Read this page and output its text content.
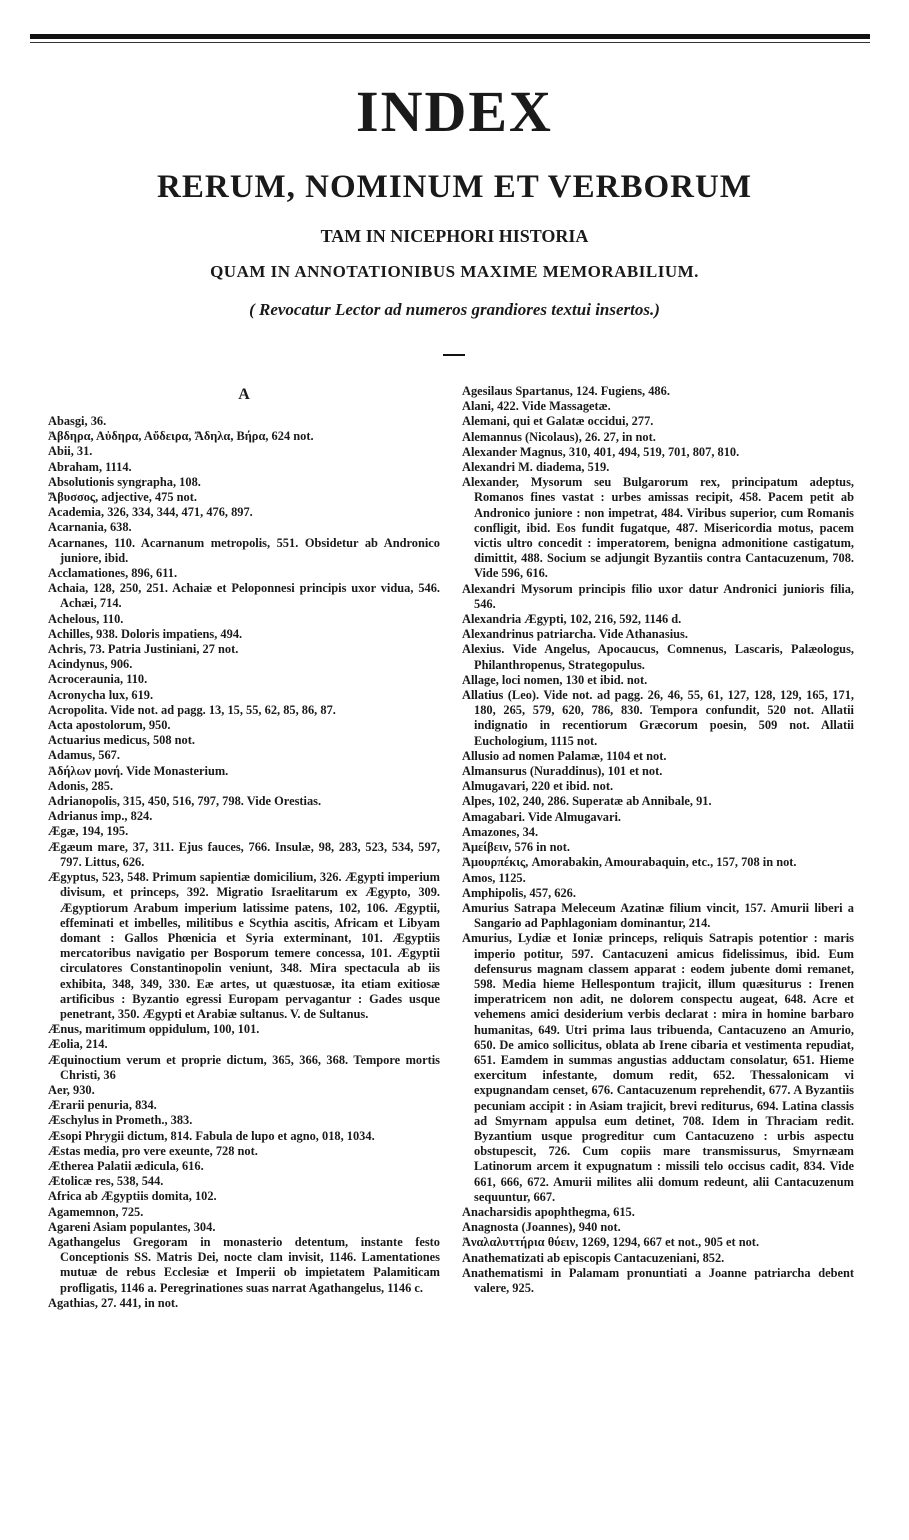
INDEX
RERUM, NOMINUM ET VERBORUM
TAM IN NICEPHORI HISTORIA
QUAM IN ANNOTATIONIBUS MAXIME MEMORABILIUM.
( Revocatur Lector ad numeros grandiores textui insertos.)
A

Abasgi, 36.

Ἀβδηρα, Αὐδηρα, Αὔδειρα, Ἄδηλα, Βήρα, 624 not.

Abii, 31.

Abraham, 1114.

Absolutionis syngrapha, 108.

Ἄβυσσος, adjective, 475 not.

Academia, 326, 334, 344, 471, 476, 897.

Acarnania, 638.

Acarnanes, 110. Acarnanum metropolis, 551. Obsidetur ab Andronico juniore, ibid.

Acclamationes, 896, 611.

Achaia, 128, 250, 251. Achaiæ et Peloponnesi principis uxor vidua, 546. Achæi, 714.

Achelous, 110.

Achilles, 938. Doloris impatiens, 494.

Achris, 73. Patria Justiniani, 27 not.

Acindynus, 906.

Acroceraunia, 110.

Acronycha lux, 619.

Acropolita. Vide not. ad pagg. 13, 15, 55, 62, 85, 86, 87.

Acta apostolorum, 950.

Actuarius medicus, 508 not.

Adamus, 567.

Ἀδήλων μονή. Vide Monasterium.

Adonis, 285.

Adrianopolis, 315, 450, 516, 797, 798. Vide Orestias.

Adrianus imp., 824.

Ægæ, 194, 195.

Ægæum mare, 37, 311. Ejus fauces, 766. Insulæ, 98, 283, 523, 534, 597, 797. Littus, 626.

Ægyptus, 523, 548. Primum sapientiæ domicilium, 326. Ægypti imperium divisum, et princeps, 392. Migratio Israelitarum ex Ægypto, 309. Ægyptiorum Arabum imperium latissime patens, 102, 106. Ægyptii, effeminati et imbelles, militibus e Scythia ascitis, Africam et Libyam domant : Gallos Phœnicia et Syria exterminant, 101. Ægyptiis mercatoribus navigatio per Bosporum temere concessa, 101. Ægyptii circulatores Constantinopolin veniunt, 348. Mira spectacula ab iis exhibita, 348, 349, 330. Eæ artes, ut quæstuosæ, ita etiam exitiosæ artificibus : Byzantio egressi Europam pervagantur : Gades usque penetrant, 350. Ægypti et Arabiæ sultanus. V. de Sultanus.

Ænus, maritimum oppidulum, 100, 101.

Æolia, 214.

Æquinoctium verum et proprie dictum, 365, 366, 368. Tempore mortis Christi, 36

Aer, 930.

Ærarii penuria, 834.

Æschylus in Prometh., 383.

Æsopi Phrygii dictum, 814. Fabula de lupo et agno, 018, 1034.

Æstas media, pro vere exeunte, 728 not.

Ætherea Palatii ædicula, 616.

Ætolicæ res, 538, 544.

Africa ab Ægyptiis domita, 102.

Agamemnon, 725.

Agareni Asiam populantes, 304.

Agathangelus Gregoram in monasterio detentum, instante festo Conceptionis SS. Matris Dei, nocte clam invisit, 1146. Lamentationes mutuæ de rebus Ecclesiæ et Imperii ob impietatem Palamiticam profligatis, 1146 a. Peregrinationes suas narrat Agathangelus, 1146 c.

Agathias, 27. 441, in not.

Agesilaus Spartanus, 124. Fugiens, 486.

Alani, 422. Vide Massagetæ.

Alemani, qui et Galatæ occidui, 277.

Alemannus (Nicolaus), 26. 27, in not.

Alexander Magnus, 310, 401, 494, 519, 701, 807, 810.

Alexandri M. diadema, 519.

Alexander, Mysorum seu Bulgarorum rex, principatum adeptus, Romanos fines vastat : urbes amissas recipit, 458. Pacem petit ab Andronico juniore : non impetrat, 484. Viribus superior, cum Romanis confligit, ibid. Eos fundit fugatque, 487. Misericordia motus, pacem victis ultro concedit : imperatorem, benigna admonitione castigatum, dimittit, 488. Socium se adjungit Byzantiis contra Cantacuzenum, 708. Vide 596, 616.

Alexandri Mysorum principis filio uxor datur Andronici junioris filia, 546.

Alexandria Ægypti, 102, 216, 592, 1146 d.

Alexandrinus patriarcha. Vide Athanasius.

Alexius. Vide Angelus, Apocaucus, Comnenus, Lascaris, Palæologus, Philanthropenus, Strategopulus.

Allage, loci nomen, 130 et ibid. not.

Allatius (Leo). Vide not. ad pagg. 26, 46, 55, 61, 127, 128, 129, 165, 171, 180, 265, 579, 620, 786, 830. Tempora confundit, 520 not. Allatii indignatio in recentiorum Græcorum poesin, 509 not. Allatii Euchologium, 1115 not.

Allusio ad nomen Palamæ, 1104 et not.

Almansurus (Nuraddinus), 101 et not.

Almugavari, 220 et ibid. not.

Alpes, 102, 240, 286. Superatæ ab Annibale, 91.

Amagabari. Vide Almugavari.

Amazones, 34.

Ἀμείβειν, 576 in not.

Ἀμουρπέκις, Amorabakin, Amourabaquin, etc., 157, 708 in not.

Amos, 1125.

Amphipolis, 457, 626.

Amurius Satrapa Meleceum Azatinæ filium vincit, 157. Amurii liberi a Sangario ad Paphlagoniam dominantur, 214.

Amurius, Lydiæ et Ioniæ princeps, reliquis Satrapis potentior : maris imperio potitur, 597. Cantacuzeni amicus fidelissimus, ibid. Eum defensurus magnam classem apparat : eodem jubente domi remanet, 598. Media hieme Hellespontum trajicit, illum quæsiturus : Irenen imperatricem non adit, ne dolorem conspectu augeat, 648. Acre et vehemens amici desiderium verbis declarat : mira in homine barbaro humanitas, 649. Utri prima laus tribuenda, Cantacuzeno an Amurio, 650. De amico sollicitus, oblata ab Irene cibaria et vestimenta repudiat, 651. Eamdem in summas angustias adductam consolatur, 651. Hieme exercitum infestante, domum redit, 652. Thessalonicam vi expugnandam censet, 676. Cantacuzenum reprehendit, 677. A Byzantiis pecuniam accipit : in Asiam trajicit, brevi rediturus, 694. Latina classis ad Smyrnam appulsa eum detinet, 708. Idem in Thraciam redit. Byzantium usque progreditur cum Cantacuzeno : urbis aspectu obstupescit, 726. Cum copiis mare transmissurus, Smyrnæam Latinorum arcem it expugnatum : missili telo occisus cadit, 834. Vide 661, 666, 672. Amurii milites alii domum redeunt, alii Cantacuzenum sequuntur, 667.

Anacharsidis apophthegma, 615.

Anagnosta (Joannes), 940 not.

Ἀναλαλυττήρια θύειν, 1269, 1294, 667 et not., 905 et not.

Anathematizati ab episcopis Cantacuzeniani, 852.

Anathematismi in Palamam pronuntiati a Joanne patriarcha debent valere, 925.
